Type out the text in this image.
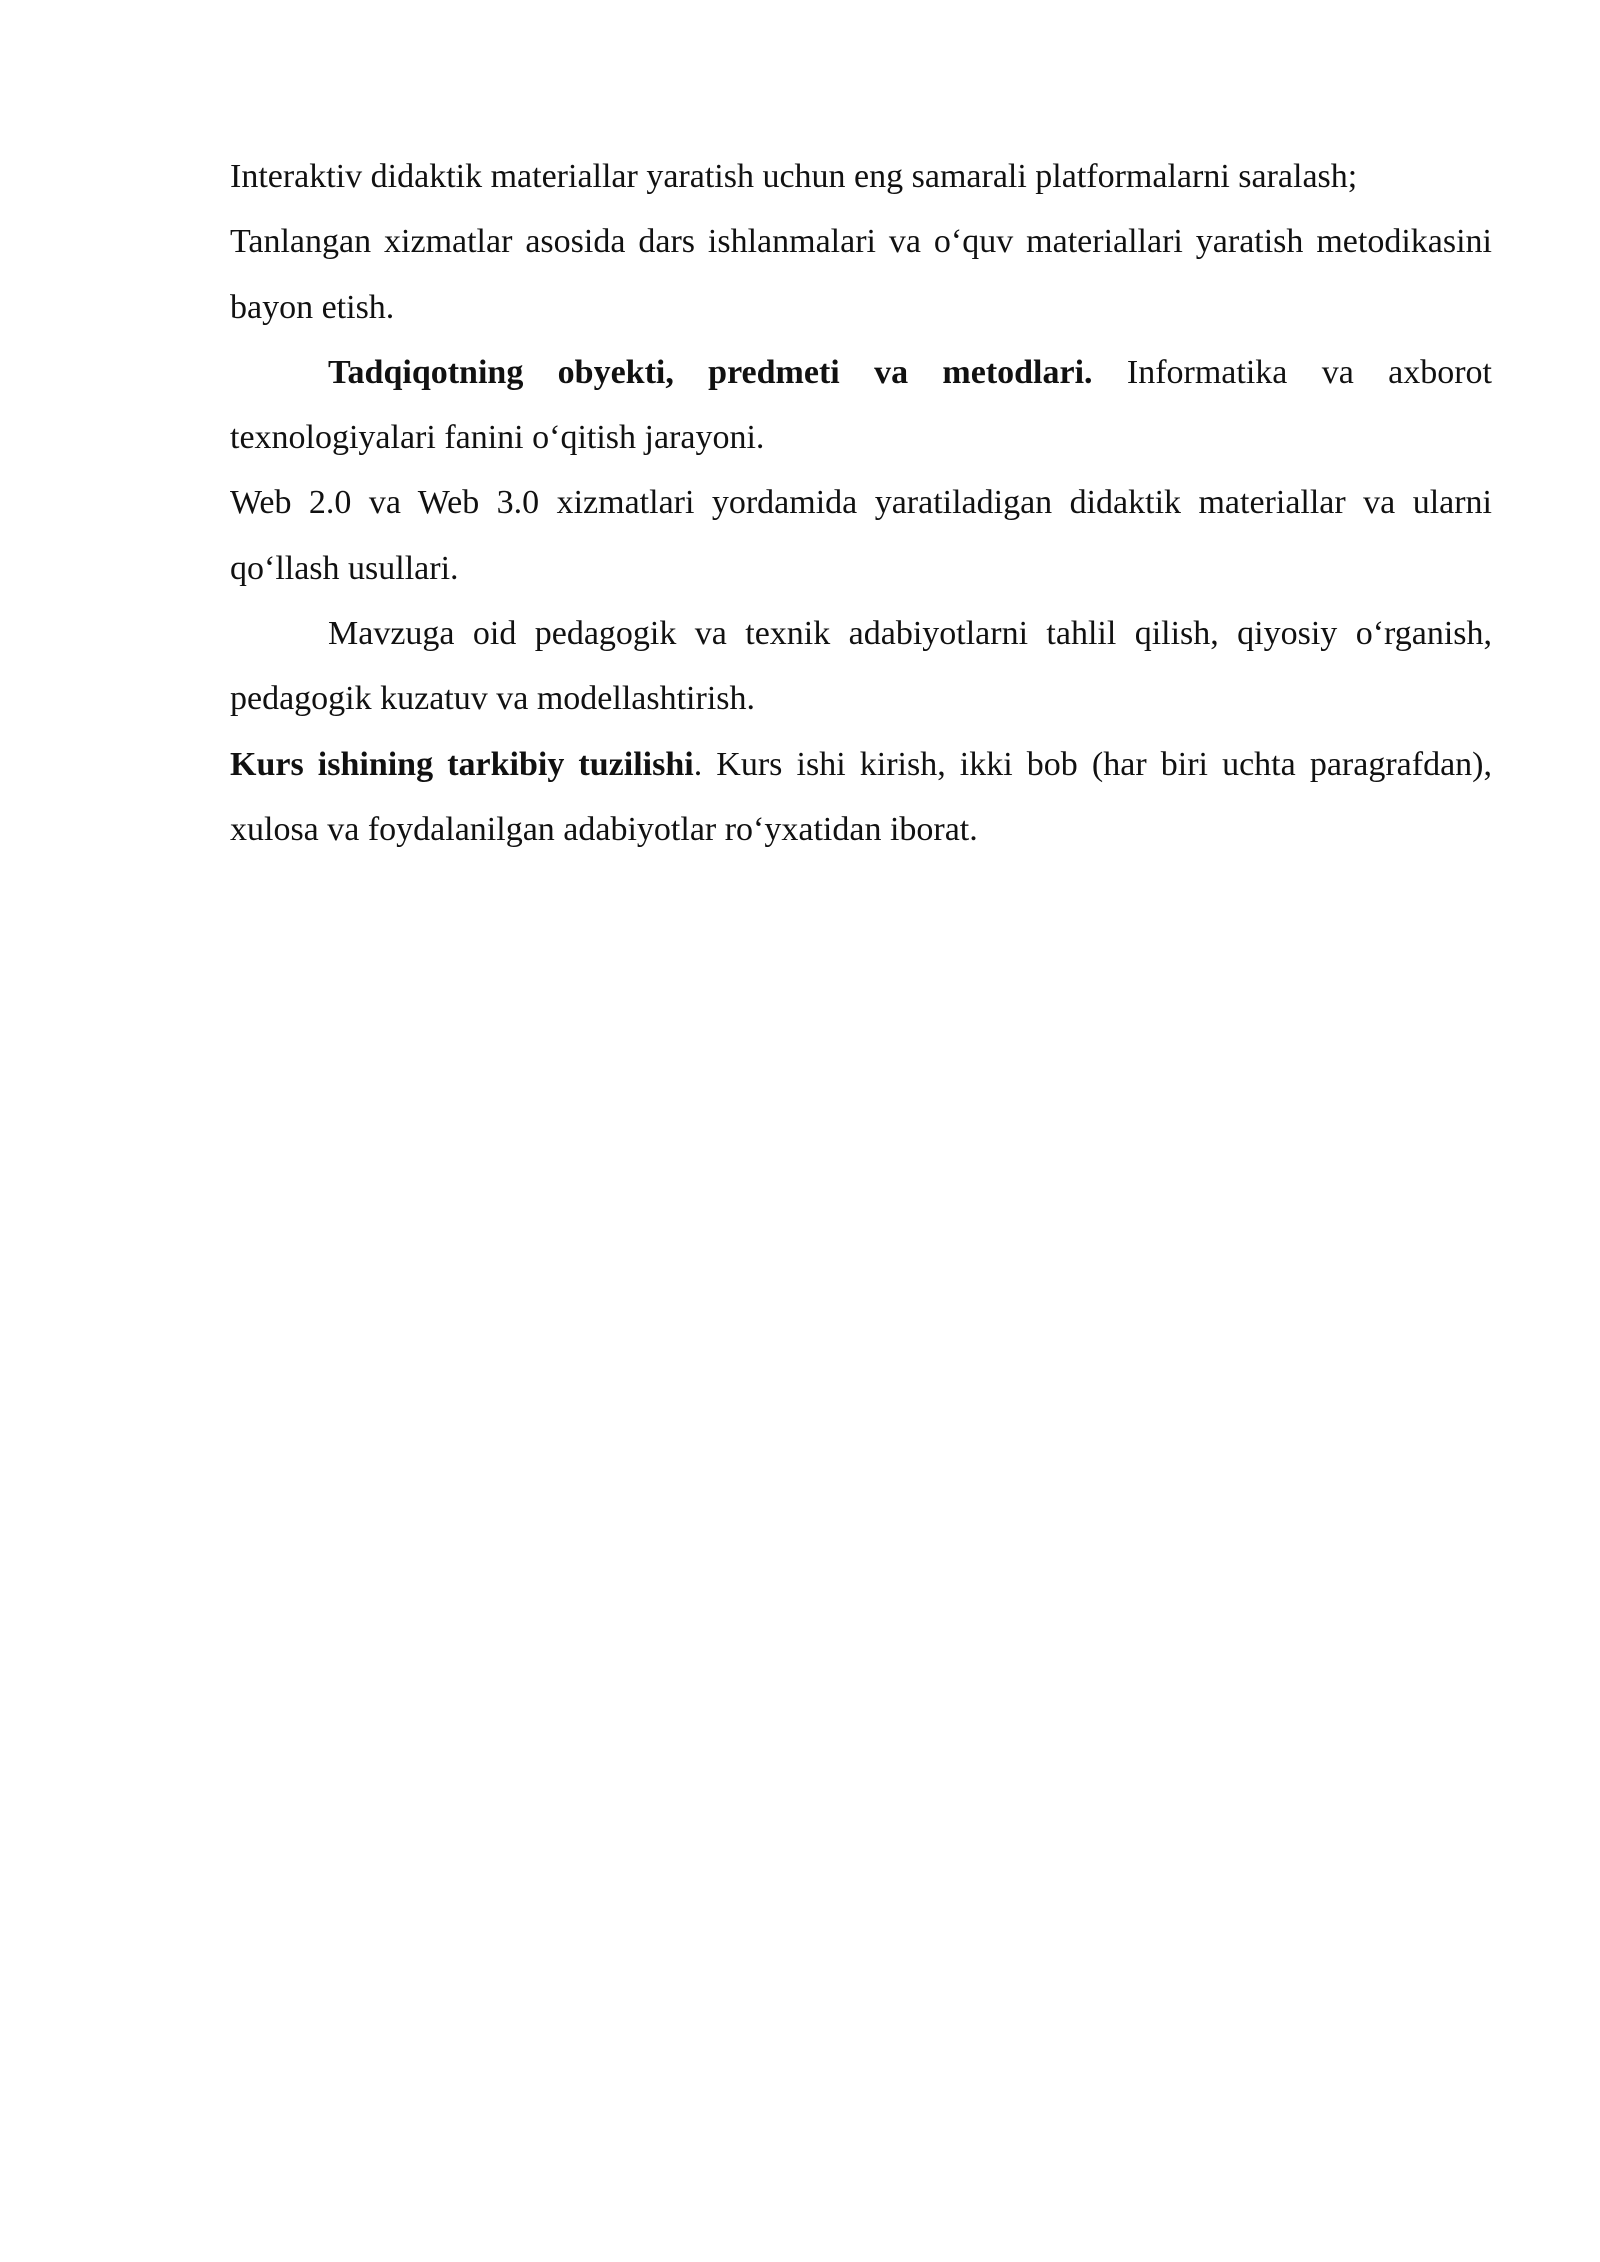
Interaktiv didaktik materiallar yaratish uchun eng samarali platformalarni saralash;

Tanlangan xizmatlar asosida dars ishlanmalari va o‘quv materiallari yaratish metodikasini bayon etish.

Tadqiqotning obyekti, predmeti va metodlari. Informatika va axborot texnologiyalari fanini o‘qitish jarayoni.

Web 2.0 va Web 3.0 xizmatlari yordamida yaratiladigan didaktik materiallar va ularni qo‘llash usullari.

Mavzuga oid pedagogik va texnik adabiyotlarni tahlil qilish, qiyosiy o‘rganish, pedagogik kuzatuv va modellashtirish.

Kurs ishining tarkibiy tuzilishi. Kurs ishi kirish, ikki bob (har biri uchta paragrafdan), xulosa va foydalanilgan adabiyotlar ro‘yxatidan iborat.
